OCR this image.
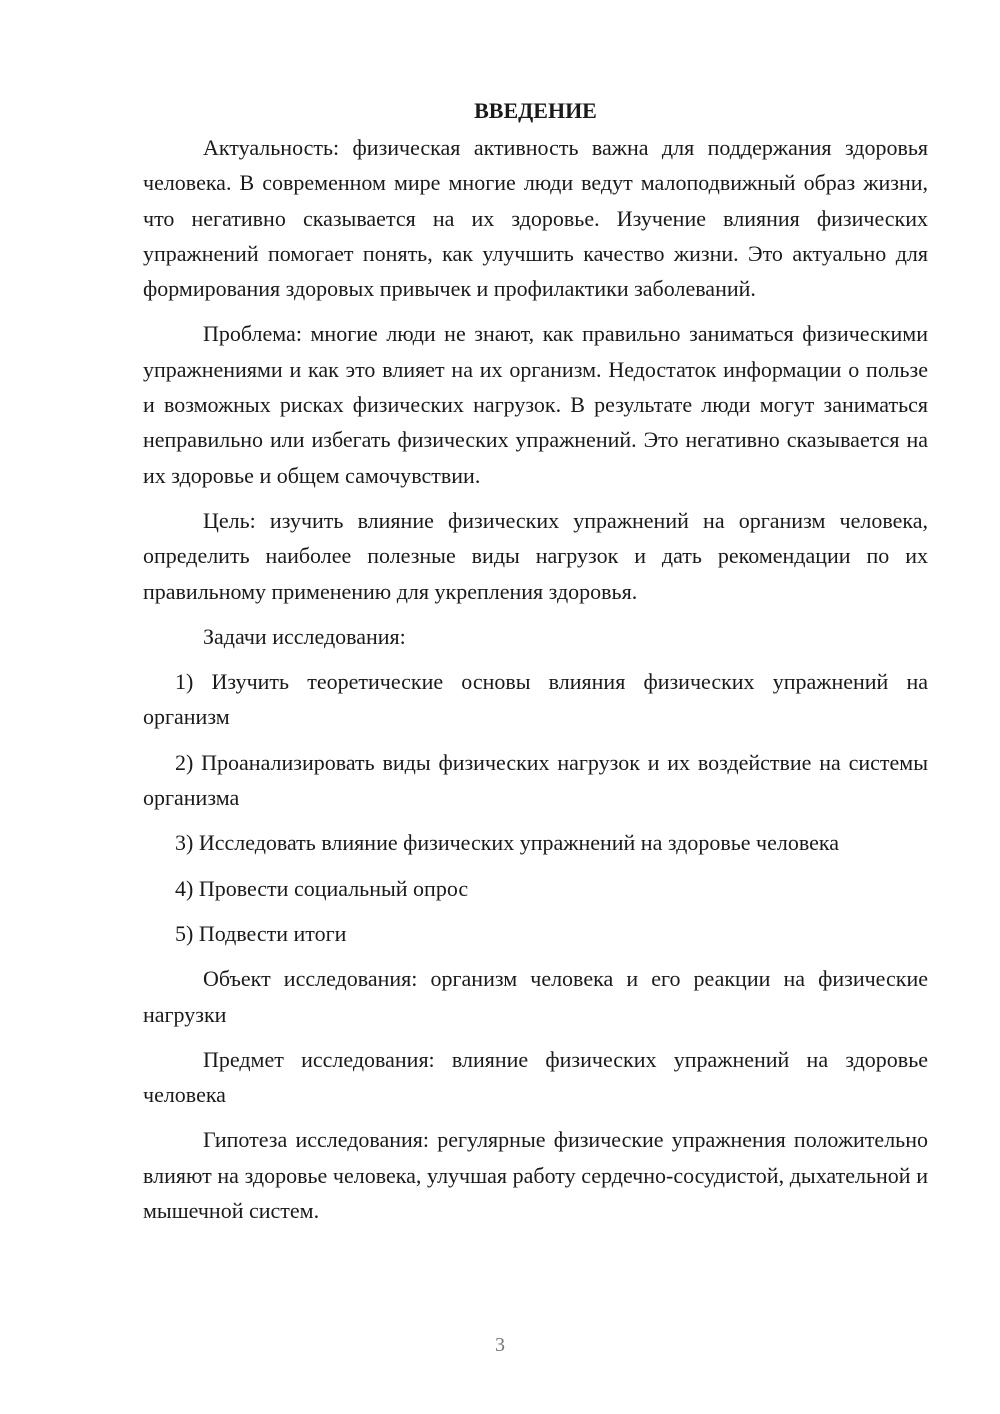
ВВЕДЕНИЕ

Актуальность: физическая активность важна для поддержания здоровья человека. В современном мире многие люди ведут малоподвижный образ жизни, что негативно сказывается на их здоровье. Изучение влияния физических упражнений помогает понять, как улучшить качество жизни. Это актуально для формирования здоровых привычек и профилактики заболеваний.

Проблема: многие люди не знают, как правильно заниматься физическими упражнениями и как это влияет на их организм. Недостаток информации о пользе и возможных рисках физических нагрузок. В результате люди могут заниматься неправильно или избегать физических упражнений. Это негативно сказывается на их здоровье и общем самочувствии.

Цель: изучить влияние физических упражнений на организм человека, определить наиболее полезные виды нагрузок и дать рекомендации по их правильному применению для укрепления здоровья.

Задачи исследования:

1) Изучить теоретические основы влияния физических упражнений на организм

2) Проанализировать виды физических нагрузок и их воздействие на системы организма

3) Исследовать влияние физических упражнений на здоровье человека

4) Провести социальный опрос

5) Подвести итоги

Объект исследования: организм человека и его реакции на физические нагрузки

Предмет исследования: влияние физических упражнений на здоровье человека

Гипотеза исследования: регулярные физические упражнения положительно влияют на здоровье человека, улучшая работу сердечно-сосудистой, дыхательной и мышечной систем.

3
